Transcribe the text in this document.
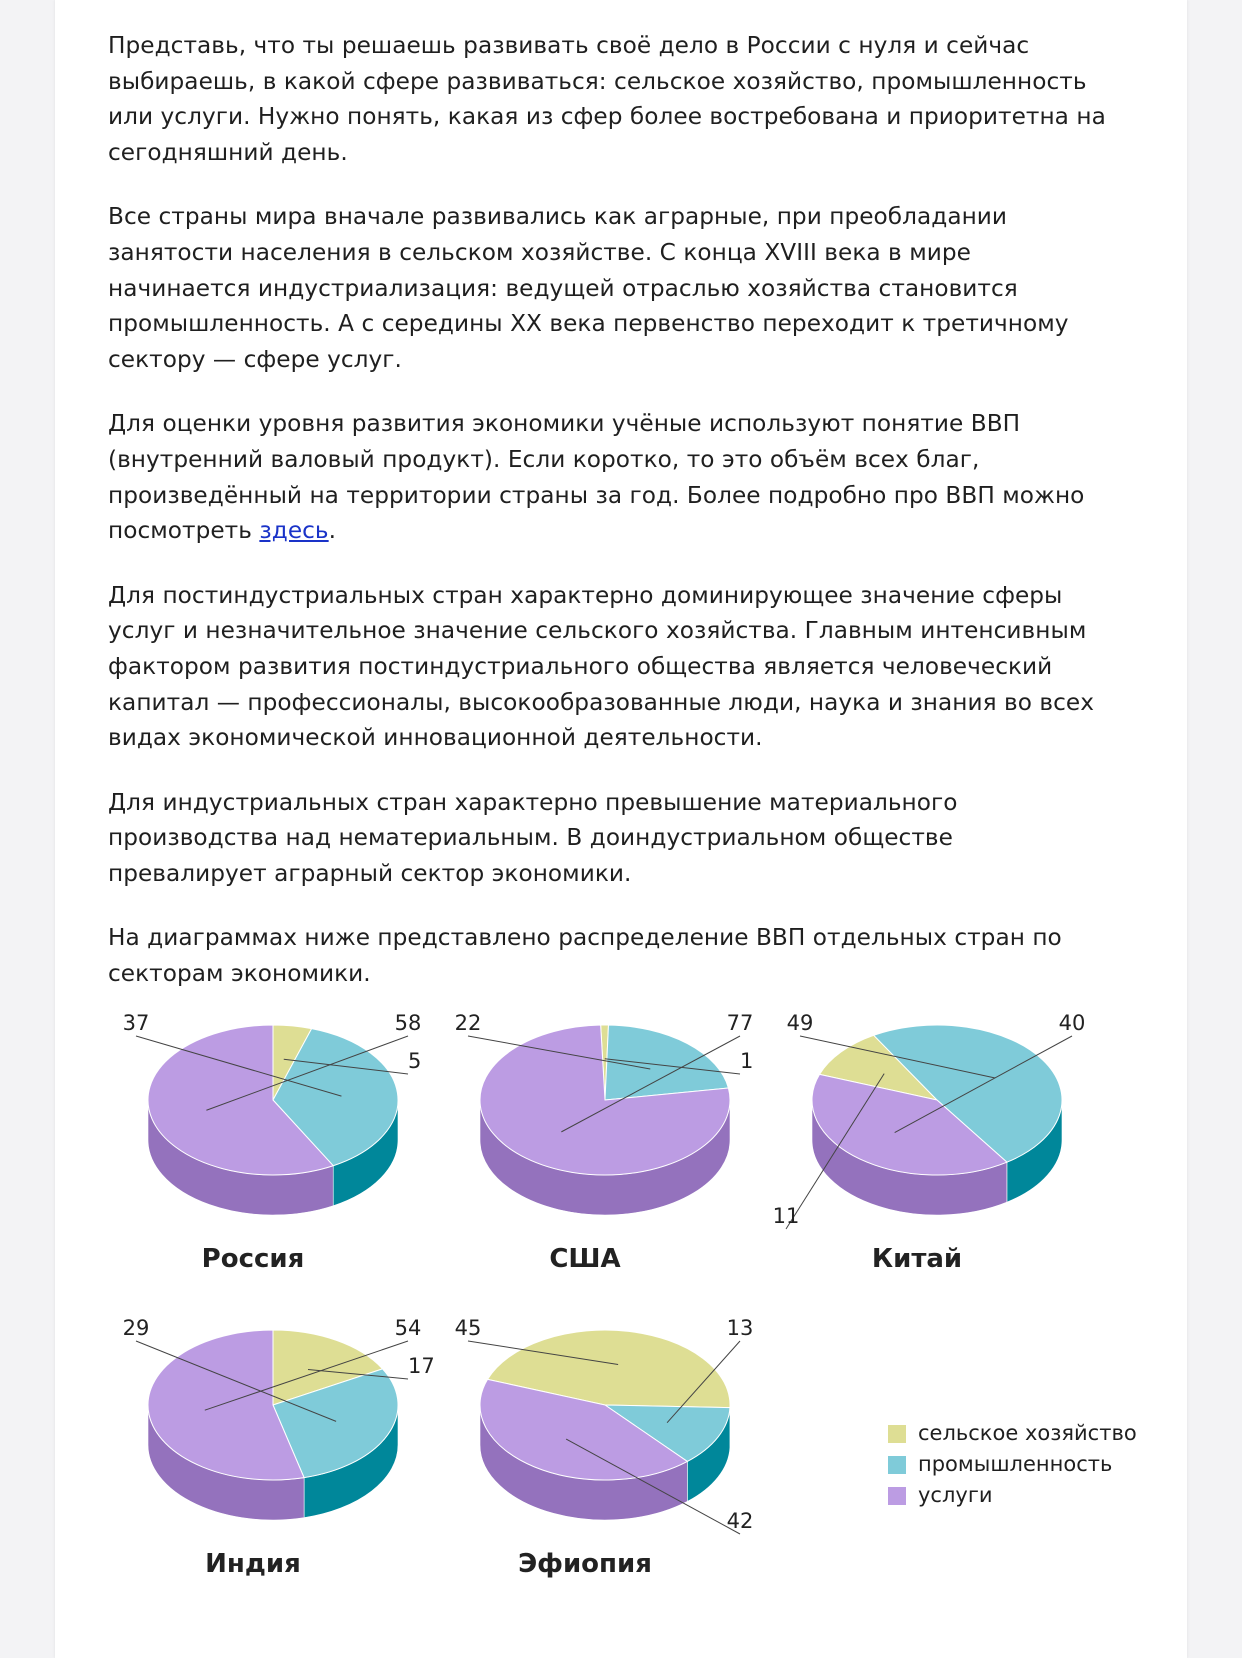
Представь, что ты решаешь развивать своё дело в России с нуля и сейчас выбираешь, в какой сфере развиваться: сельское хозяйство, промышленность или услуги. Нужно понять, какая из сфер более востребована и приоритетна на сегодняшний день.

Все страны мира вначале развивались как аграрные, при преобладании занятости населения в сельском хозяйстве. С конца XVIII века в мире начинается индустриализация: ведущей отраслью хозяйства становится промышленность. А с середины XX века первенство переходит к третичному сектору — сфере услуг.

Для оценки уровня развития экономики учёные используют понятие ВВП (внутренний валовый продукт). Если коротко, то это объём всех благ, произведённый на территории страны за год. Более подробно про ВВП можно посмотреть здесь.

Для постиндустриальных стран характерно доминирующее значение сферы услуг и незначительное значение сельского хозяйства. Главным интенсивным фактором развития постиндустриального общества является человеческий капитал — профессионалы, высокообразованные люди, наука и знания во всех видах экономической инновационной деятельности.

Для индустриальных стран характерно превышение материального производства над нематериальным. В доиндустриальном обществе превалирует аграрный сектор экономики.

На диаграммах ниже представлено распределение ВВП отдельных стран по секторам экономики.

5
37	58
Россия
1
22	77
США
11
49	40
Китай
17
29	54
Индия
45	13
42
Эфиопия
сельское хозяйство
промышленность
услуги
